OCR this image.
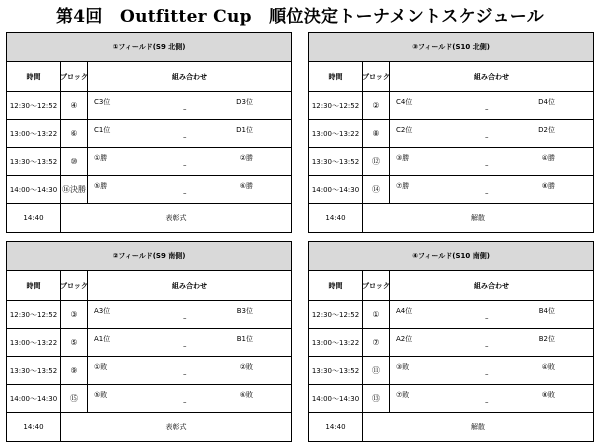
第4回　Outfitter Cup　順位決定トーナメントスケジュール
①フィールド(S9 北側)
時間	ブロック	組み合わせ
12:30〜12:52	④	C3位
–
D3位
13:00〜13:22	⑥	C1位
–
D1位
13:30〜13:52	⑩	①勝
–
②勝
14:00〜14:30 ⑯決勝 ⑤勝
–
⑥勝
14:40	表彰式
③フィールド(S10 北側)
時間	ブロック	組み合わせ
12:30〜12:52	②	C4位
–
D4位
13:00〜13:22	⑧	C2位
–
D2位
13:30〜13:52	⑫	③勝
–
④勝
14:00〜14:30	⑭	⑦勝
–
⑧勝
14:40	解散
②フィールド(S9 南側)
時間	ブロック	組み合わせ
12:30〜12:52	③	A3位
–
B3位
13:00〜13:22	⑤	A1位
–
B1位
13:30〜13:52	⑨	①敗
–
②敗
14:00〜14:30	⑮	⑤敗
–
⑥敗
14:40	表彰式
④フィールド(S10 南側)
時間	ブロック	組み合わせ
12:30〜12:52	①	A4位
–
B4位
13:00〜13:22	⑦	A2位
–
B2位
13:30〜13:52	⑪	③敗
–
④敗
14:00〜14:30	⑬	⑦敗
–
⑧敗
14:40	解散
